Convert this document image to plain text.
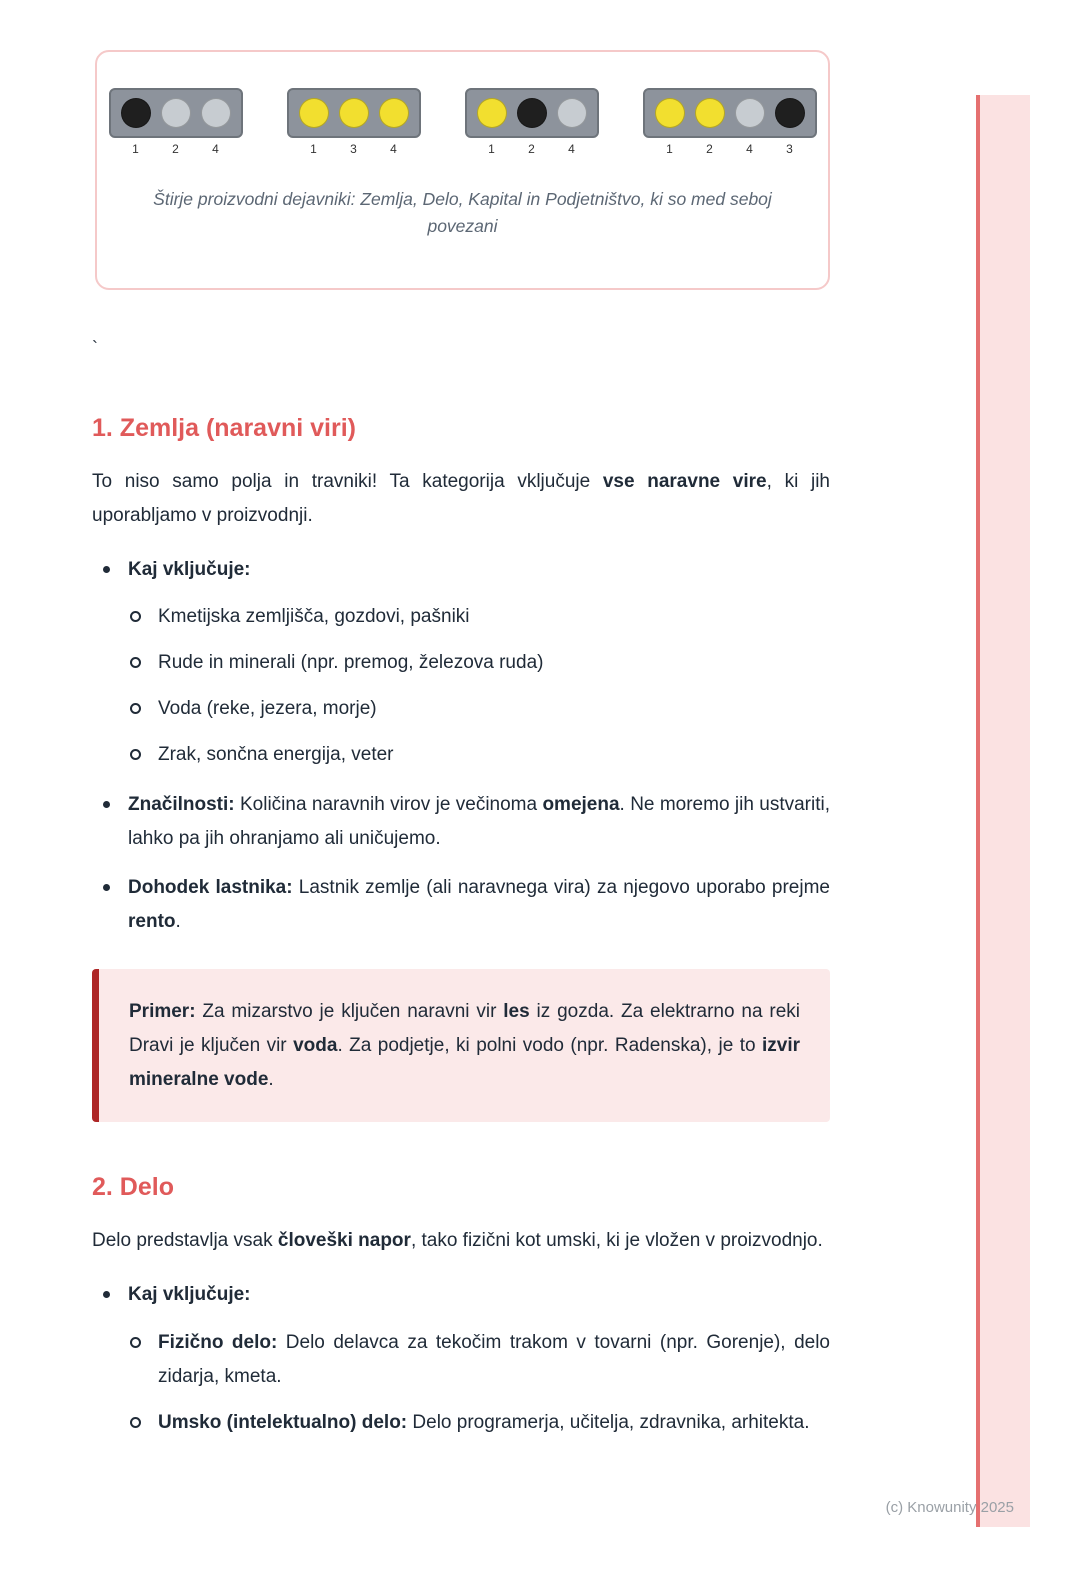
1	2	4	1	3	4	1	2	4	1	2	4	3

Štirje proizvodni dejavniki: Zemlja, Delo, Kapital in Podjetništvo, ki so med seboj povezani

`
1. Zemlja (naravni viri)

To niso samo polja in travniki! Ta kategorija vključuje vse naravne vire, ki jih uporabljamo v proizvodnji.

Kaj vključuje:
Kmetijska zemljišča, gozdovi, pašniki
Rude in minerali (npr. premog, železova ruda)
Voda (reke, jezera, morje)
Zrak, sončna energija, veter
Značilnosti: Količina naravnih virov je večinoma omejena. Ne moremo jih ustvariti, lahko pa jih ohranjamo ali uničujemo.
Dohodek lastnika: Lastnik zemlje (ali naravnega vira) za njegovo uporabo prejme rento.

Primer: Za mizarstvo je ključen naravni vir les iz gozda. Za elektrarno na reki Dravi je ključen vir voda. Za podjetje, ki polni vodo (npr. Radenska), je to izvir mineralne vode.

2. Delo

Delo predstavlja vsak človeški napor, tako fizični kot umski, ki je vložen v proizvodnjo.

Kaj vključuje:
Fizično delo: Delo delavca za tekočim trakom v tovarni (npr. Gorenje), delo zidarja, kmeta.
Umsko (intelektualno) delo: Delo programerja, učitelja, zdravnika, arhitekta.
(c) Knowunity 2025
